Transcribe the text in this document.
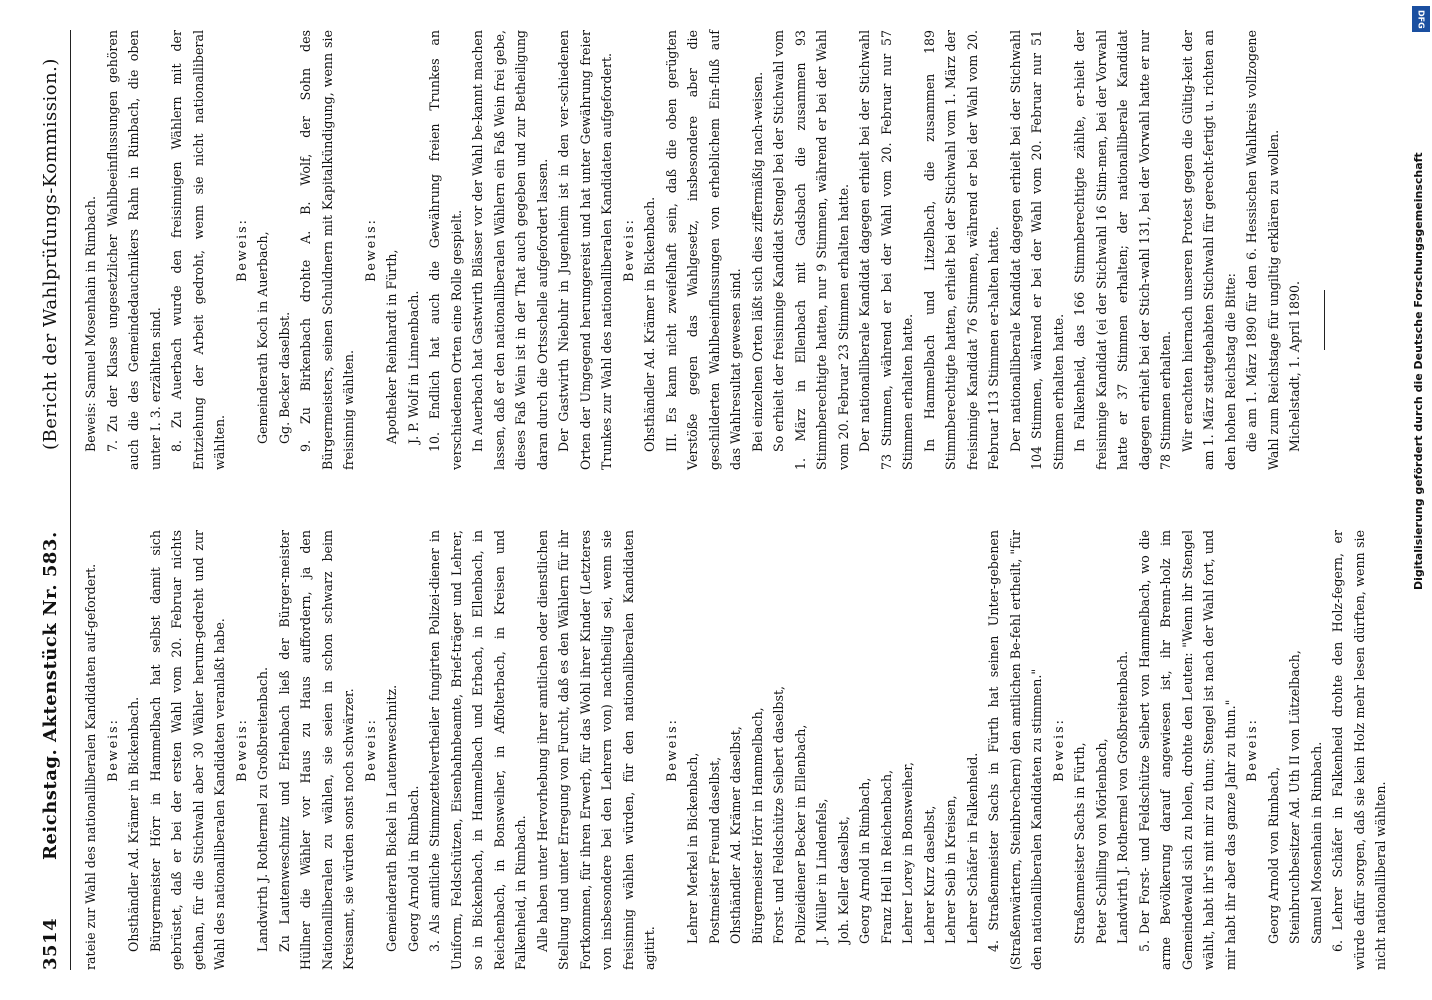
3514
Reichstag. Aktenstück Nr. 583.
(Bericht der Wahlprüfungs-Kommission.)

rateie zur Wahl des nationalliberalen Kandidaten auf-gefordert. Beweis: Ohsthändler Ad. Krämer in Bickenbach. Bürgermeister Hörr in Hammelbach hat selbst damit sich gebrüstet, daß er bei der ersten Wahl vom 20. Februar nichts gethan, für die Stichwahl aber 30 Wähler herum-gedreht und zur Wahl des nationalliberalen Kandidaten veranlaßt habe. Beweis: Landwirth J. Rothermel zu Großbreitenbach. Zu Lautenweschnitz und Erlenbach ließ der Bürger-meister Hüllner die Wähler vor Haus zu Haus auffordern, ja den Nationalliberalen zu wählen, sie seien in schon schwarz beim Kreisamt, sie würden sonst noch schwärzer. Beweis: Gemeinderath Bickel in Lautenweschnitz. Georg Arnold in Rimbach. 3. Als amtliche Stimmzettelvertheiler fungirten Polizei-diener in Uniform, Feldschützen, Eisenbahnbeamte, Brief-träger und Lehrer, so in Bickenbach, in Hammelbach und Erbach, in Ellenbach, in Reichenbach, in Bonsweiher, in Affolterbach, in Kreisen und Falkenheid, in Rimbach. Alle haben unter Hervorhebung ihrer amtlichen oder dienstlichen Stellung und unter Erregung von Furcht, daß es den Wählern für ihr Fortkommen, für ihren Erwerb, für das Wohl ihrer Kinder (Letzteres von insbesondere bei den Lehrern von) nachtheilig sei, wenn sie freisinnig wählen würden, für den nationalliberalen Kandidaten agitirt.

Beweis:

Lehrer Merkel in Bickenbach, Postmeister Freund daselbst, Ohsthändler Ad. Krämer daselbst, Bürgermeister Hörr in Hammelbach, Forst- und Feldschütze Seibert daselbst, Polizeidiener Becker in Ellenbach, J. Müller in Lindenfels, Joh. Keller daselbst, Georg Arnold in Rimbach, Franz Hell in Reichenbach, Lehrer Lorey in Bonsweiher, Lehrer Kurz daselbst, Lehrer Seib in Kreisen, Lehrer Schäfer in Falkenheid. 4. Straßenmeister Sachs in Fürth hat seinen Unter-gebenen (Straßenwärtern, Steinbrechern) den amtlichen Be-fehl ertheilt, "für den nationalliberalen Kandidaten zu stimmen." Beweis: Straßenmeister Sachs in Fürth, Peter Schilling von Mörlenbach, Landwirth J. Rothermel von Großbreitenbach. 5. Der Forst- und Feldschütze Seibert von Hammelbach, wo die arme Bevölkerung darauf angewiesen ist, ihr Brenn-holz im Gemeindewald sich zu holen, drohte den Leuten: "Wenn ihr Stengel wählt, habt ihr's mit mir zu thun; Stengel ist nach der Wahl fort, und mir habt ihr aber das ganze Jahr zu thun." Beweis:

Georg Arnold von Rimbach, Steinbruchbesitzer Ad. Uth II von Lützelbach, Samuel Mosenhain in Rimbach. 6. Lehrer Schäfer in Falkenheid drohte den Holz-fegern, er würde dafür sorgen, daß sie kein Holz mehr lesen dürften, wenn sie nicht nationalliberal wählten.

Beweis: Samuel Mosenhain in Rimbach. 7. Zu der Klasse ungesetzlicher Wahlbeeinflussungen gehören auch die des Gemeindedauchnikers Rahn in Rimbach, die oben unter I. 3. erzählten sind. 8. Zu Auerbach wurde den freisinnigen Wählern mit der Entziehung der Arbeit gedroht, wenn sie nicht nationalliberal wählten.

Beweis: Gemeinderath Koch in Auerbach, Gg. Becker daselbst. 9. Zu Birkenbach drohte A. B. Wolf, der Sohn des Bürgermeisters, seinen Schuldnern mit Kapitalkündigung, wenn sie freisinnig wählten.

Beweis: Apotheker Reinhardt in Fürth, J. P. Wolf in Linnenbach. 10. Endlich hat auch die Gewährung freien Trunkes an verschiedenen Orten eine Rolle gespielt. In Auerbach hat Gastwirth Blässer vor der Wahl be-kannt machen lassen, daß er den nationalliberalen Wählern ein Faß Wein frei gebe, dieses Faß Wein ist in der That auch gegeben und zur Betheiligung daran durch die Ortsschelle aufgefordert lassen. Der Gastwirth Niebuhr in Jugenheim ist in den ver-schiedenen Orten der Umgegend herumgereist und hat unter Gewährung freier Trunkes zur Wahl des nationalliberalen Kandidaten aufgefordert. Beweis: Ohsthändler Ad. Krämer in Bickenbach. III. Es kann nicht zweifelhaft sein, daß die oben gerügten Verstöße gegen das Wahlgesetz, insbesondere aber die geschilderten Wahlbeeinflussungen von erheblichem Ein-fluß auf das Wahlresultat gewesen sind. Bei einzelnen Orten läßt sich dies ziffermäßig nach-weisen. So erhielt der freisinnige Kandidat Stengel bei der Stichwahl vom 1. März in Ellenbach mit Gadsbach die zusammen 93 Stimmberechtigte hatten, nur 9 Stimmen, während er bei der Wahl vom 20. Februar 23 Stimmen erhalten hatte. Der nationalliberale Kandidat dagegen erhielt bei der Stichwahl 73 Stimmen, während er bei der Wahl vom 20. Februar nur 57 Stimmen erhalten hatte. In Hammelbach und Litzelbach, die zusammen 189 Stimmberechtigte hatten, erhielt bei der Stichwahl vom 1. März der freisinnige Kandidat 76 Stimmen, während er bei der Wahl vom 20. Februar 113 Stimmen er-halten hatte. Der nationalliberale Kandidat dagegen erhielt bei der Stichwahl 104 Stimmen, während er bei der Wahl vom 20. Februar nur 51 Stimmen erhalten hatte. In Falkenheid, das 166 Stimmberechtigte zählte, er-hielt der freisinnige Kandidat (ei der Stichwahl 16 Stim-men, bei der Vorwahl hatte er 37 Stimmen erhalten; der nationalliberale Kandidat dagegen erhielt bei der Stich-wahl 131, bei der Vorwahl hatte er nur 78 Stimmen erhalten. Wir erachten hiernach unseren Protest gegen die Gültig-keit der am 1. März stattgehabten Stichwahl für gerecht-fertigt u. richten an den hohen Reichstag die Bitte: die am 1. März 1890 für den 6. Hessischen Wahlkreis vollzogene Wahl zum Reichstage für ungiltig erklären zu wollen. Michelstadt, 1. April 1890.

DFG
Digitalisierung gefördert durch die Deutsche Forschungsgemeinschaft
